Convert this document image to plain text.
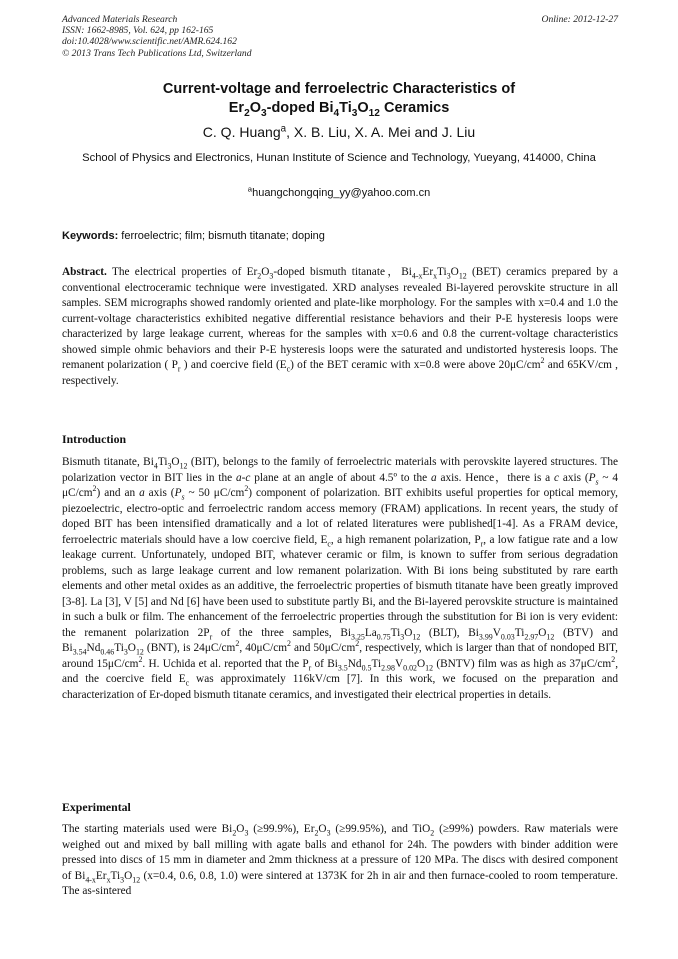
Advanced Materials Research
ISSN: 1662-8985, Vol. 624, pp 162-165
doi:10.4028/www.scientific.net/AMR.624.162
© 2013 Trans Tech Publications Ltd, Switzerland
Online: 2012-12-27
Current-voltage and ferroelectric Characteristics of
$Er_2O_3$-doped $Bi_4Ti_3O_{12}$ Ceramics
C. Q. Huang$^a$, X. B. Liu, X. A. Mei and J. Liu
School of Physics and Electronics, Hunan Institute of Science and Technology, Yueyang, 414000, China
$^a$huangchongqing_yy@yahoo.com.cn
Keywords: ferroelectric; film; bismuth titanate; doping
Abstract. The electrical properties of $Er_2O_3$-doped bismuth titanate，$Bi_{4-x}Er_xTi_3O_{12}$ (BET) ceramics prepared by a conventional electroceramic technique were investigated. XRD analyses revealed Bi-layered perovskite structure in all samples. SEM micrographs showed randomly oriented and plate-like morphology. For the samples with x=0.4 and 1.0 the current-voltage characteristics exhibited negative differential resistance behaviors and their P-E hysteresis loops were characterized by large leakage current, whereas for the samples with x=0.6 and 0.8 the current-voltage characteristics showed simple ohmic behaviors and their P-E hysteresis loops were the saturated and undistorted hysteresis loops. The remanent polarization ( $P_r$ ) and coercive field $(E_c)$ of the BET ceramic with x=0.8 were above $20\mu C/cm^2$ and 65KV/cm , respectively.
Introduction
Bismuth titanate, $Bi_4Ti_3O_{12}$ (BIT), belongs to the family of ferroelectric materials with perovskite layered structures. The polarization vector in BIT lies in the a-c plane at an angle of about 4.5º to the a axis. Hence，there is a c axis ($P_s$ ~ 4 $\mu C/cm^2$) and an a axis ($P_s$ ~ 50 $\mu C/cm^2$) component of polarization. BIT exhibits useful properties for optical memory, piezoelectric, electro-optic and ferroelectric random access memory (FRAM) applications. In recent years, the study of doped BIT has been intensified dramatically and a lot of related literatures were published[1-4]. As a FRAM device, ferroelectric materials should have a low coercive field, $E_c$, a high remanent polarization, $P_r$, a low fatigue rate and a low leakage current. Unfortunately, undoped BIT, whatever ceramic or film, is known to suffer from serious degradation problems, such as large leakage current and low remanent polarization. With Bi ions being substituted by rare earth elements and other metal oxides as an additive, the ferroelectric properties of bismuth titanate have been greatly improved [3-8]. La [3], V [5] and Nd [6] have been used to substitute partly Bi, and the Bi-layered perovskite structure is maintained in such a bulk or film. The enhancement of the ferroelectric properties through the substitution for Bi ion is very evident: the remanent polarization $2P_r$ of the three samples, $Bi_{3.25}La_{0.75}Ti_3O_{12}$ (BLT), $Bi_{3.99}V_{0.03}Ti_{2.97}O_{12}$ (BTV) and $Bi_{3.54}Nd_{0.46}Ti_3O_{12}$ (BNT), is $24\mu C/cm^2$, $40\mu C/cm^2$ and $50\mu C/cm^2$, respectively, which is larger than that of nondoped BIT, around $15\mu C/cm^2$. H. Uchida et al. reported that the $P_r$ of $Bi_{3.5}Nd_{0.5}Ti_{2.98}V_{0.02}O_{12}$ (BNTV) film was as high as $37\mu C/cm^2$, and the coercive field $E_c$ was approximately 116kV/cm [7]. In this work, we focused on the preparation and characterization of Er-doped bismuth titanate ceramics, and investigated their electrical properties in details.
Experimental
The starting materials used were $Bi_2O_3$ (≥99.9%), $Er_2O_3$ (≥99.95%), and TiO$_2$ (≥99%) powders. Raw materials were weighed out and mixed by ball milling with agate balls and ethanol for 24h. The powders with binder addition were pressed into discs of 15 mm in diameter and 2mm thickness at a pressure of 120 MPa. The discs with desired component of $Bi_{4-x}Er_xTi_3O_{12}$ (x=0.4, 0.6, 0.8, 1.0) were sintered at 1373K for 2h in air and then furnace-cooled to room temperature. The as-sintered
